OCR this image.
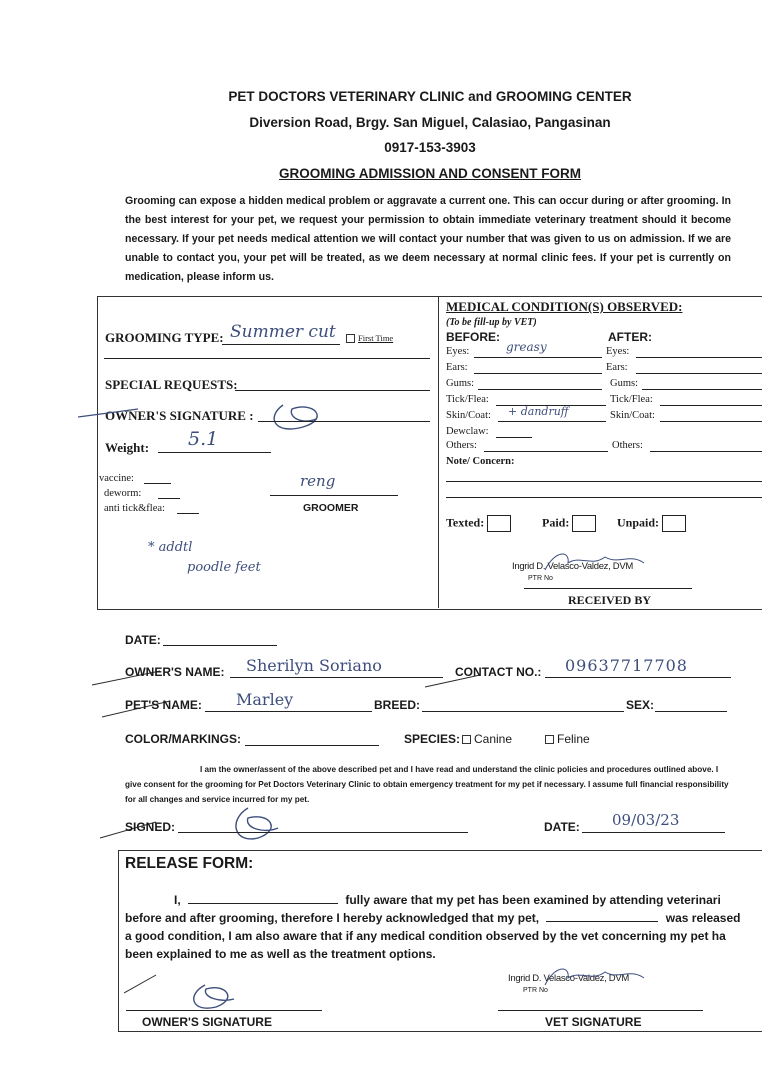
PET DOCTORS VETERINARY CLINIC and GROOMING CENTER
Diversion Road, Brgy. San Miguel, Calasiao, Pangasinan
0917-153-3903
GROOMING ADMISSION AND CONSENT FORM
Grooming can expose a hidden medical problem or aggravate a current one. This can occur during or after grooming. In the best interest for your pet, we request your permission to obtain immediate veterinary treatment should it become necessary. If your pet needs medical attention we will contact your number that was given to us on admission. If we are unable to contact you, your pet will be treated, as we deem necessary at normal clinic fees. If your pet is currently on medication, please inform us.
GROOMING TYPE: Summer cut	First Time
SPECIAL REQUESTS:
OWNER'S SIGNATURE :
Weight: 5.1
vaccine:
deworm:
anti tick&flea:
reng
GROOMER
* addtl
poodle feet
MEDICAL CONDITION(S) OBSERVED:
(To be fill-up by VET)
BEFORE:	AFTER:
Eyes:	greasy	Eyes:
Ears:	Ears:
Gums:	Gums:
Tick/Flea:	Tick/Flea:
Skin/Coat: + dandruff	Skin/Coat:
Dewclaw:
Others:	Others:
Note/ Concern:
Texted:	Paid:	Unpaid:
Ingrid D. Velasco-Valdez, DVM
PTR No
RECEIVED BY
DATE:
OWNER'S NAME: Sherilyn Soriano	CONTACT NO.: 09637717708
PET'S NAME: Marley	BREED:	SEX:
COLOR/MARKINGS:	SPECIES:	Canine	Feline
I am the owner/assent of the above described pet and I have read and understand the clinic policies and procedures outlined above. I give consent for the grooming for Pet Doctors Veterinary Clinic to obtain emergency treatment for my pet if necessary. I assume full financial responsibility for all changes and service incurred for my pet.
SIGNED:	DATE: 09/03/23
RELEASE FORM:
I,	fully aware that my pet has been examined by attending veterinari
before and after grooming, therefore I hereby acknowledged that my pet,	was released
a good condition, I am also aware that if any medical condition observed by the vet concerning my pet ha
been explained to me as well as the treatment options.
OWNER'S SIGNATURE
Ingrid D. Velasco-Valdez, DVM
PTR No
VET SIGNATURE
